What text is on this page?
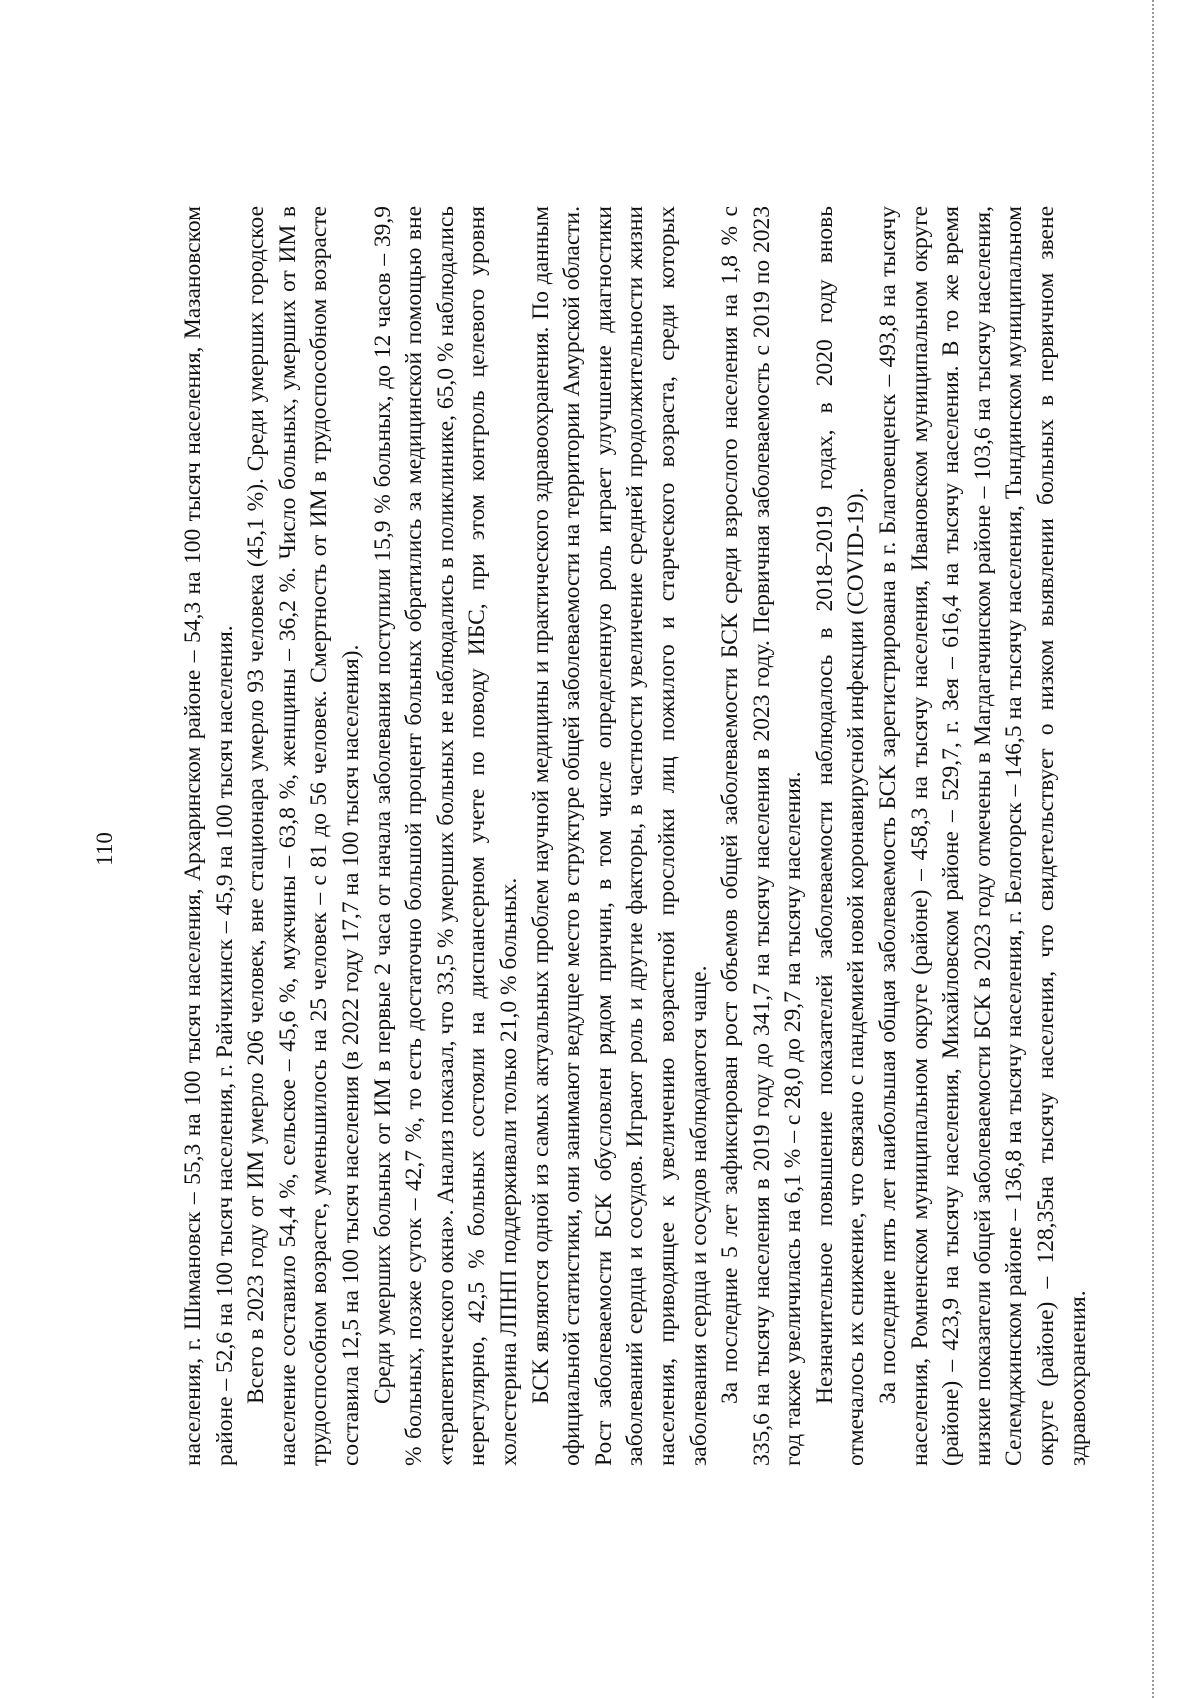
110	населения, г. Шимановск – 55,3 на 100 тысяч населения, Архаринском районе – 54,3 на 100 тысяч населения, Мазановском районе – 52,6 на 100 тысяч населения, г. Райчихинск – 45,9 на 100 тысяч населения. Всего в 2023 году от ИМ умерло 206 человек, вне стационара умерло 93 человека (45,1 %). Среди умерших городское население составило 54,4 %, сельское – 45,6 %, мужчины – 63,8 %, женщины – 36,2 %. Число больных, умерших от ИМ в трудоспособном возрасте, уменьшилось на 25 человек – с 81 до 56 человек. Смертность от ИМ в трудоспособном возрасте составила 12,5 на 100 тысяч населения (в 2022 году 17,7 на 100 тысяч населения). Среди умерших больных от ИМ в первые 2 часа от начала заболевания поступили 15,9 % больных, до 12 часов – 39,9 % больных, позже суток – 42,7 %, то есть достаточно большой процент больных обратились за медицинской помощью вне «терапевтического окна». Анализ показал, что 33,5 % умерших больных не наблюдались в поликлинике, 65,0 % наблюдались нерегулярно, 42,5 % больных состояли на диспансерном учете по поводу ИБС, при этом контроль целевого уровня холестерина ЛПНП поддерживали только 21,0 % больных. БСК являются одной из самых актуальных проблем научной медицины и практического здравоохранения. По данным официальной статистики, они занимают ведущее место в структуре общей заболеваемости на территории Амурской области. Рост заболеваемости БСК обусловлен рядом причин, в том числе определенную роль играет улучшение диагностики заболеваний сердца и сосудов. Играют роль и другие факторы, в частности увеличение средней продолжительности жизни населения, приводящее к увеличению возрастной прослойки лиц пожилого и старческого возраста, среди которых заболевания сердца и сосудов наблюдаются чаще. За последние 5 лет зафиксирован рост объемов общей заболеваемости БСК среди взрослого населения на 1,8 % с 335,6 на тысячу населения в 2019 году до 341,7 на тысячу населения в 2023 году. Первичная заболеваемость с 2019 по 2023 год также увеличилась на 6,1 % – с 28,0 до 29,7 на тысячу населения. Незначительное повышение показателей заболеваемости наблюдалось в 2018–2019 годах, в 2020 году вновь отмечалось их снижение, что связано с пандемией новой коронавирусной инфекции (COVID-19). За последние пять лет наибольшая общая заболеваемость БСК зарегистрирована в г. Благовещенск – 493,8 на тысячу населения, Ромненском муниципальном округе (районе) – 458,3 на тысячу населения, Ивановском муниципальном округе (районе) – 423,9 на тысячу населения, Михайловском районе – 529,7, г. Зея – 616,4 на тысячу населения. В то же время низкие показатели общей заболеваемости БСК в 2023 году отмечены в Магдагачинском районе – 103,6 на тысячу населения, Селемджинском районе – 136,8 на тысячу населения, г. Белогорск – 146,5 на тысячу населения, Тындинском муниципальном округе (районе) – 128,35на тысячу населения, что свидетельствует о низком выявлении больных в первичном звене здравоохранения.
